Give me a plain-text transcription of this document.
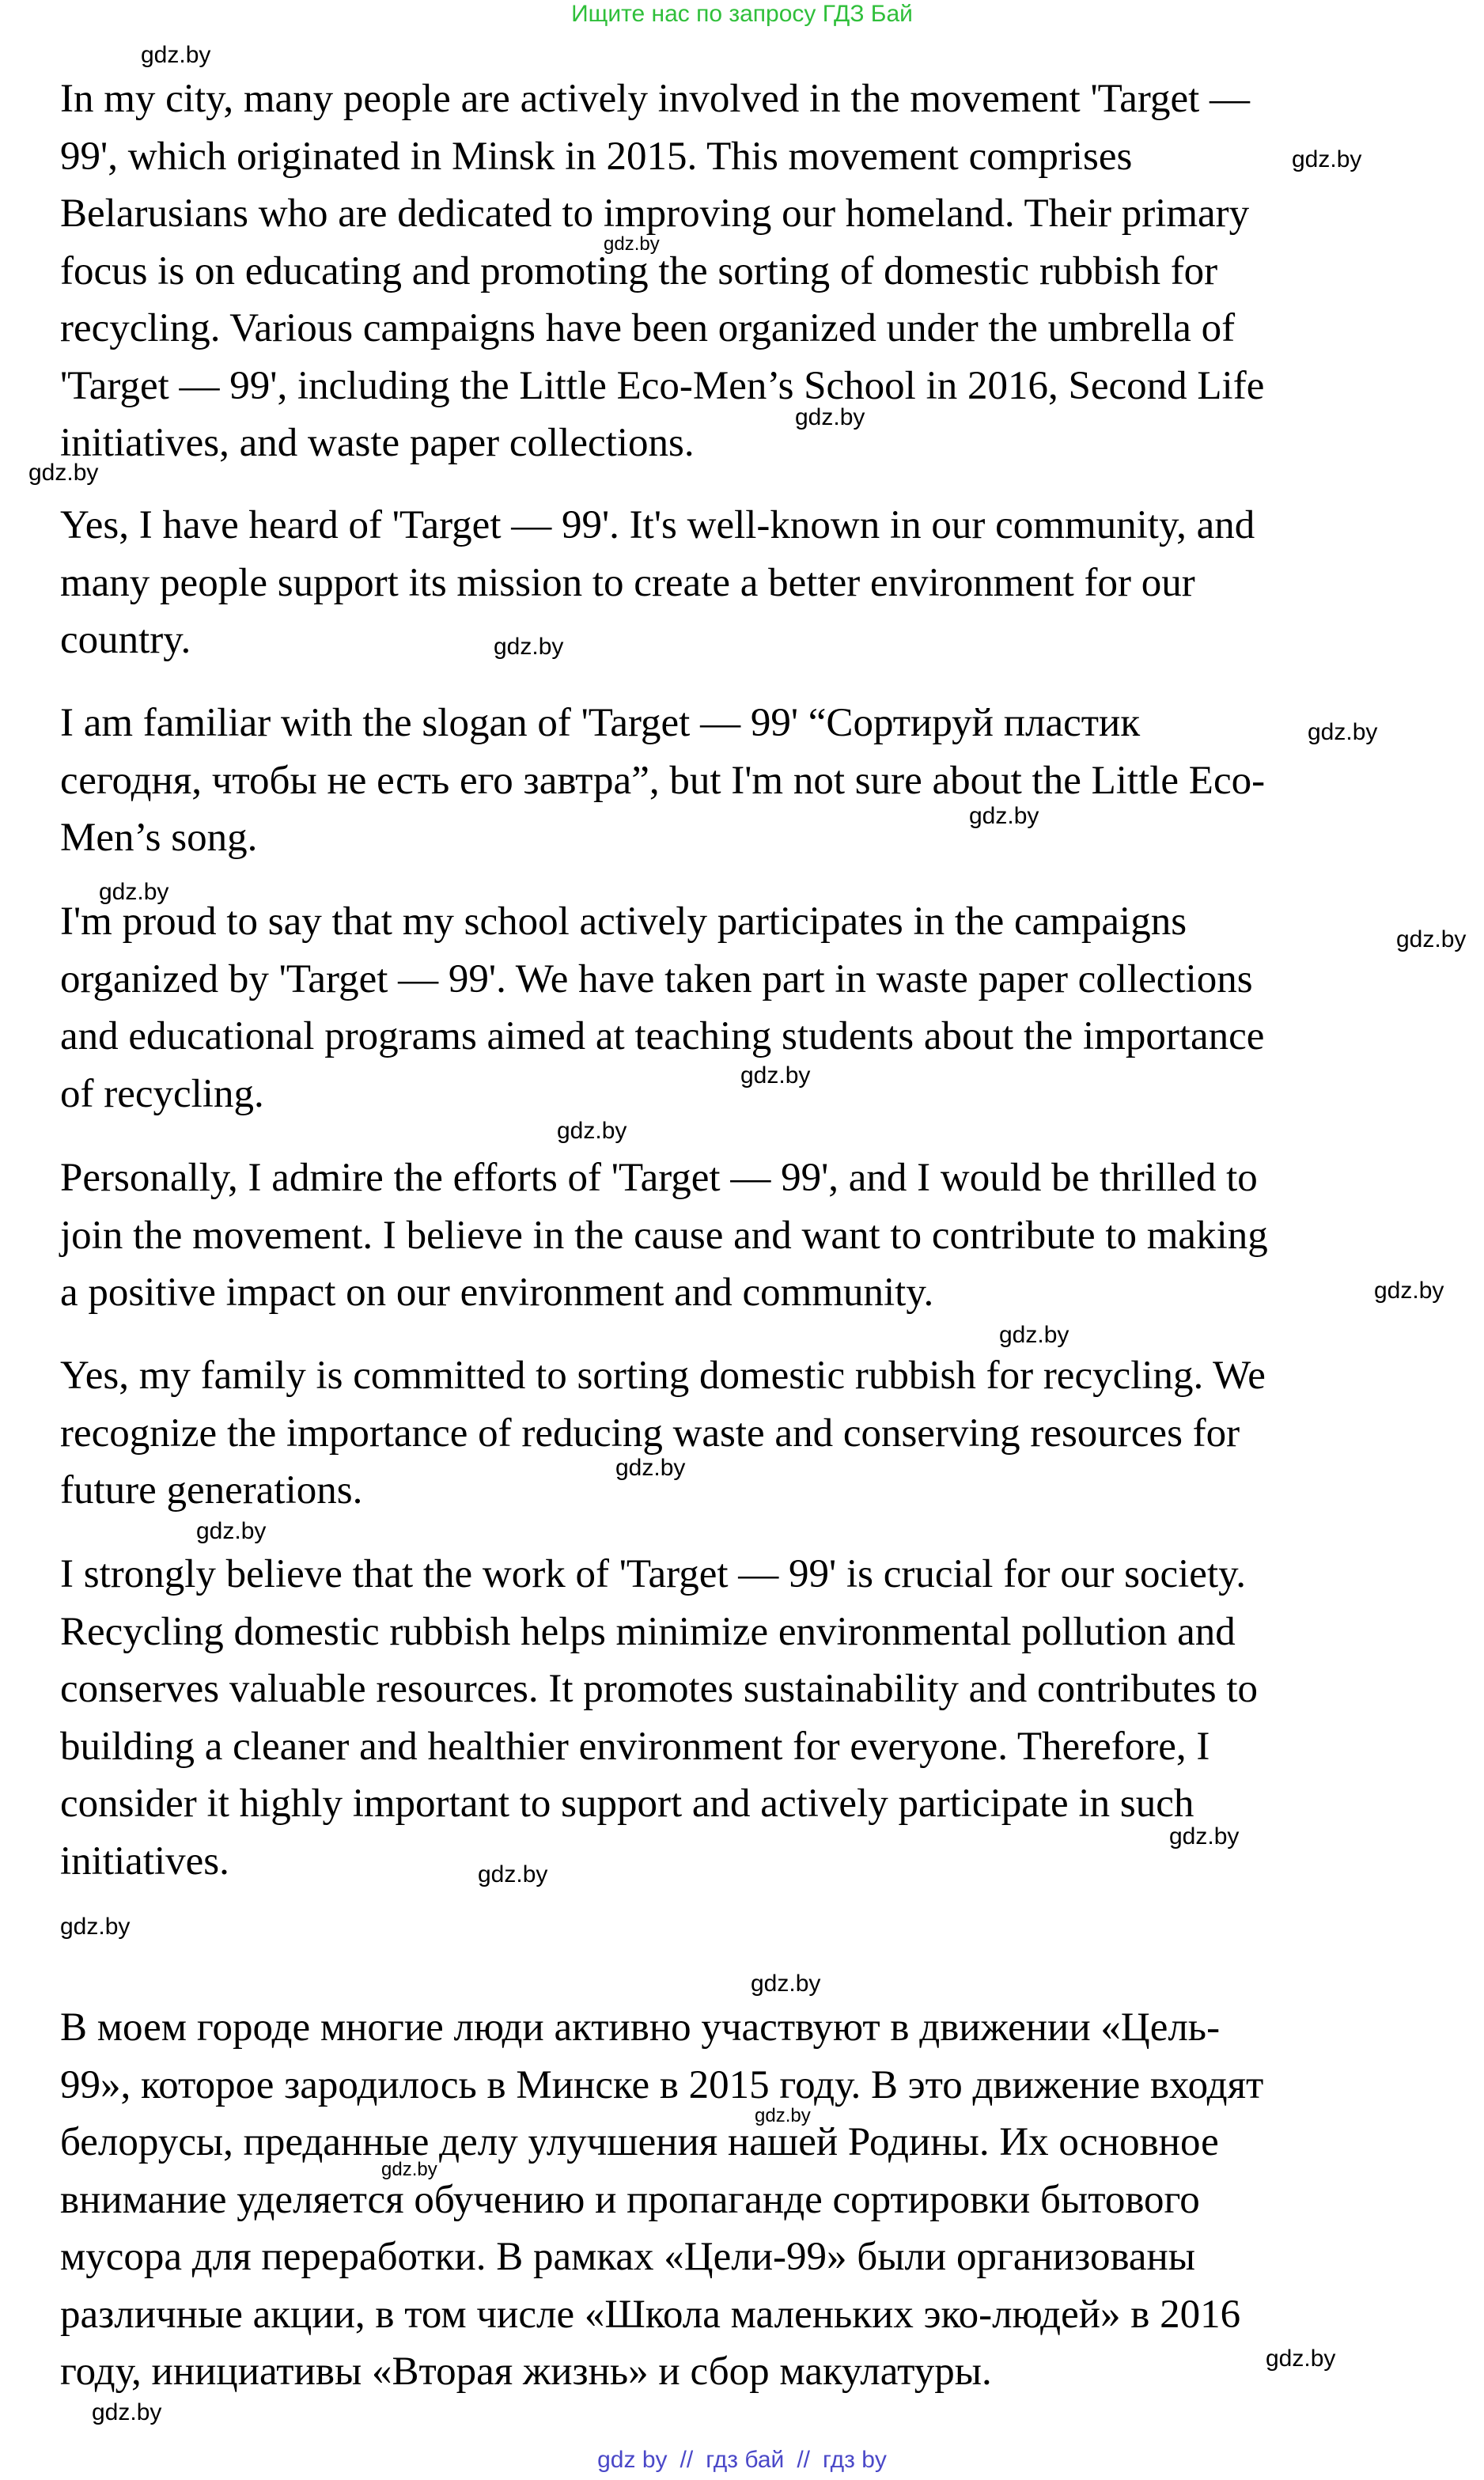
Ищите нас по запросу ГДЗ Бай
In my city, many people are actively involved in the movement 'Target —
99', which originated in Minsk in 2015. This movement comprises
Belarusians who are dedicated to improving our homeland. Their primary
focus is on educating and promoting the sorting of domestic rubbish for
recycling. Various campaigns have been organized under the umbrella of
'Target — 99', including the Little Eco-Men’s School in 2016, Second Life
initiatives, and waste paper collections.
Yes, I have heard of 'Target — 99'. It's well-known in our community, and
many people support its mission to create a better environment for our
country.
I am familiar with the slogan of 'Target — 99' “Сортируй пластик
сегодня, чтобы не есть его завтра”, but I'm not sure about the Little Eco-
Men’s song.
I'm proud to say that my school actively participates in the campaigns
organized by 'Target — 99'. We have taken part in waste paper collections
and educational programs aimed at teaching students about the importance
of recycling.
Personally, I admire the efforts of 'Target — 99', and I would be thrilled to
join the movement. I believe in the cause and want to contribute to making
a positive impact on our environment and community.
Yes, my family is committed to sorting domestic rubbish for recycling. We
recognize the importance of reducing waste and conserving resources for
future generations.
I strongly believe that the work of 'Target — 99' is crucial for our society.
Recycling domestic rubbish helps minimize environmental pollution and
conserves valuable resources. It promotes sustainability and contributes to
building a cleaner and healthier environment for everyone. Therefore, I
consider it highly important to support and actively participate in such
initiatives.
В моем городе многие люди активно участвуют в движении «Цель-
99», которое зародилось в Минске в 2015 году. В это движение входят
белорусы, преданные делу улучшения нашей Родины. Их основное
внимание уделяется обучению и пропаганде сортировки бытового
мусора для переработки. В рамках «Цели-99» были организованы
различные акции, в том числе «Школа маленьких эко-людей» в 2016
году, инициативы «Вторая жизнь» и сбор макулатуры.
gdz.by
gdz.by
gdz.by
gdz.by
gdz.by
gdz.by
gdz.by
gdz.by
gdz.by
gdz.by
gdz.by
gdz.by
gdz.by
gdz.by
gdz.by
gdz.by
gdz.by
gdz.by
gdz.by
gdz.by
gdz.by
gdz.by
gdz.by
gdz.by
gdz by // гдз бай // гдз by
